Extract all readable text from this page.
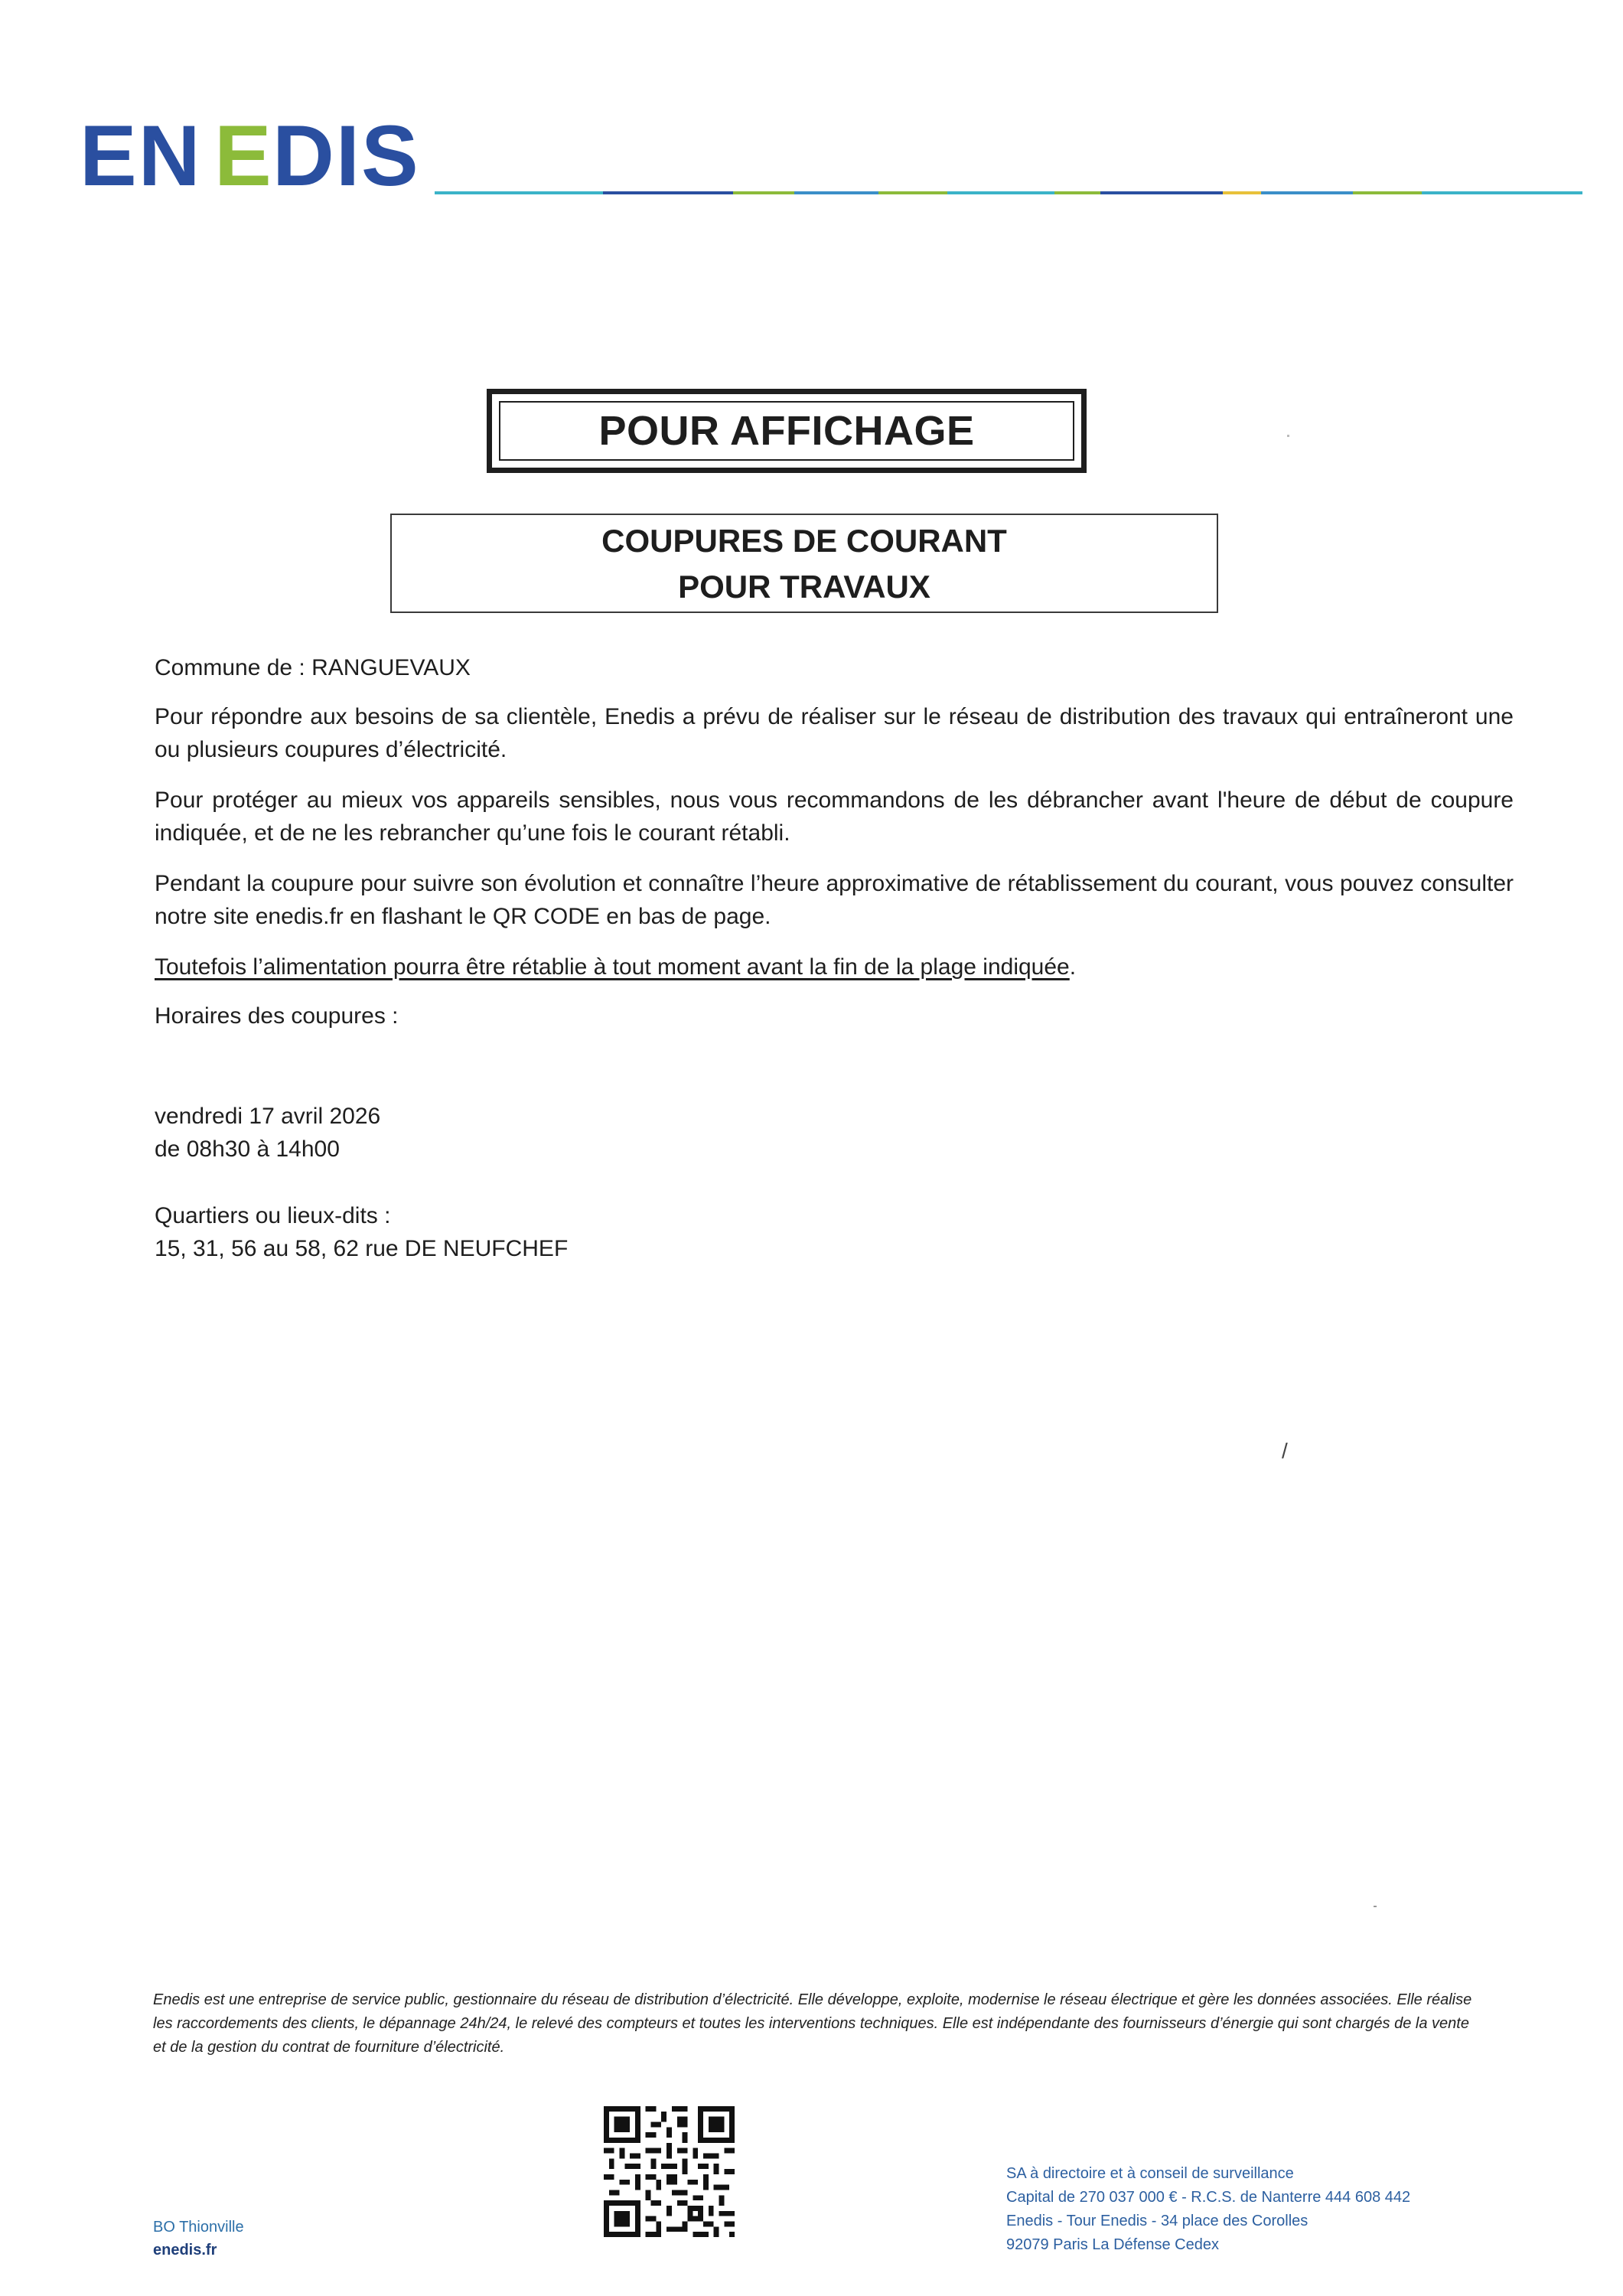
EN E DIS
POUR AFFICHAGE
COUPURES DE COURANT
POUR TRAVAUX
Commune de : RANGUEVAUX
Pour répondre aux besoins de sa clientèle, Enedis a prévu de réaliser sur le réseau de distribution des travaux qui entraîneront une ou plusieurs coupures d’électricité.
Pour protéger au mieux vos appareils sensibles, nous vous recommandons de les débrancher avant l'heure de début de coupure indiquée, et de ne les rebrancher qu’une fois le courant rétabli.
Pendant la coupure pour suivre son évolution et connaître l’heure approximative de rétablissement du courant, vous pouvez consulter notre site enedis.fr en flashant le QR CODE en bas de page.
Toutefois l’alimentation pourra être rétablie à tout moment avant la fin de la plage indiquée.
Horaires des coupures :
vendredi 17 avril 2026
de 08h30 à 14h00
Quartiers ou lieux-dits :
15, 31, 56 au 58, 62 rue DE NEUFCHEF
/
Enedis est une entreprise de service public, gestionnaire du réseau de distribution d’électricité. Elle développe, exploite, modernise le réseau électrique et gère les données associées. Elle réalise les raccordements des clients, le dépannage 24h/24, le relevé des compteurs et toutes les interventions techniques. Elle est indépendante des fournisseurs d’énergie qui sont chargés de la vente et de la gestion du contrat de fourniture d’électricité.
BO Thionville
enedis.fr
SA à directoire et à conseil de surveillance
Capital de 270 037 000 € - R.C.S. de Nanterre 444 608 442
Enedis - Tour Enedis - 34 place des Corolles
92079 Paris La Défense Cedex
